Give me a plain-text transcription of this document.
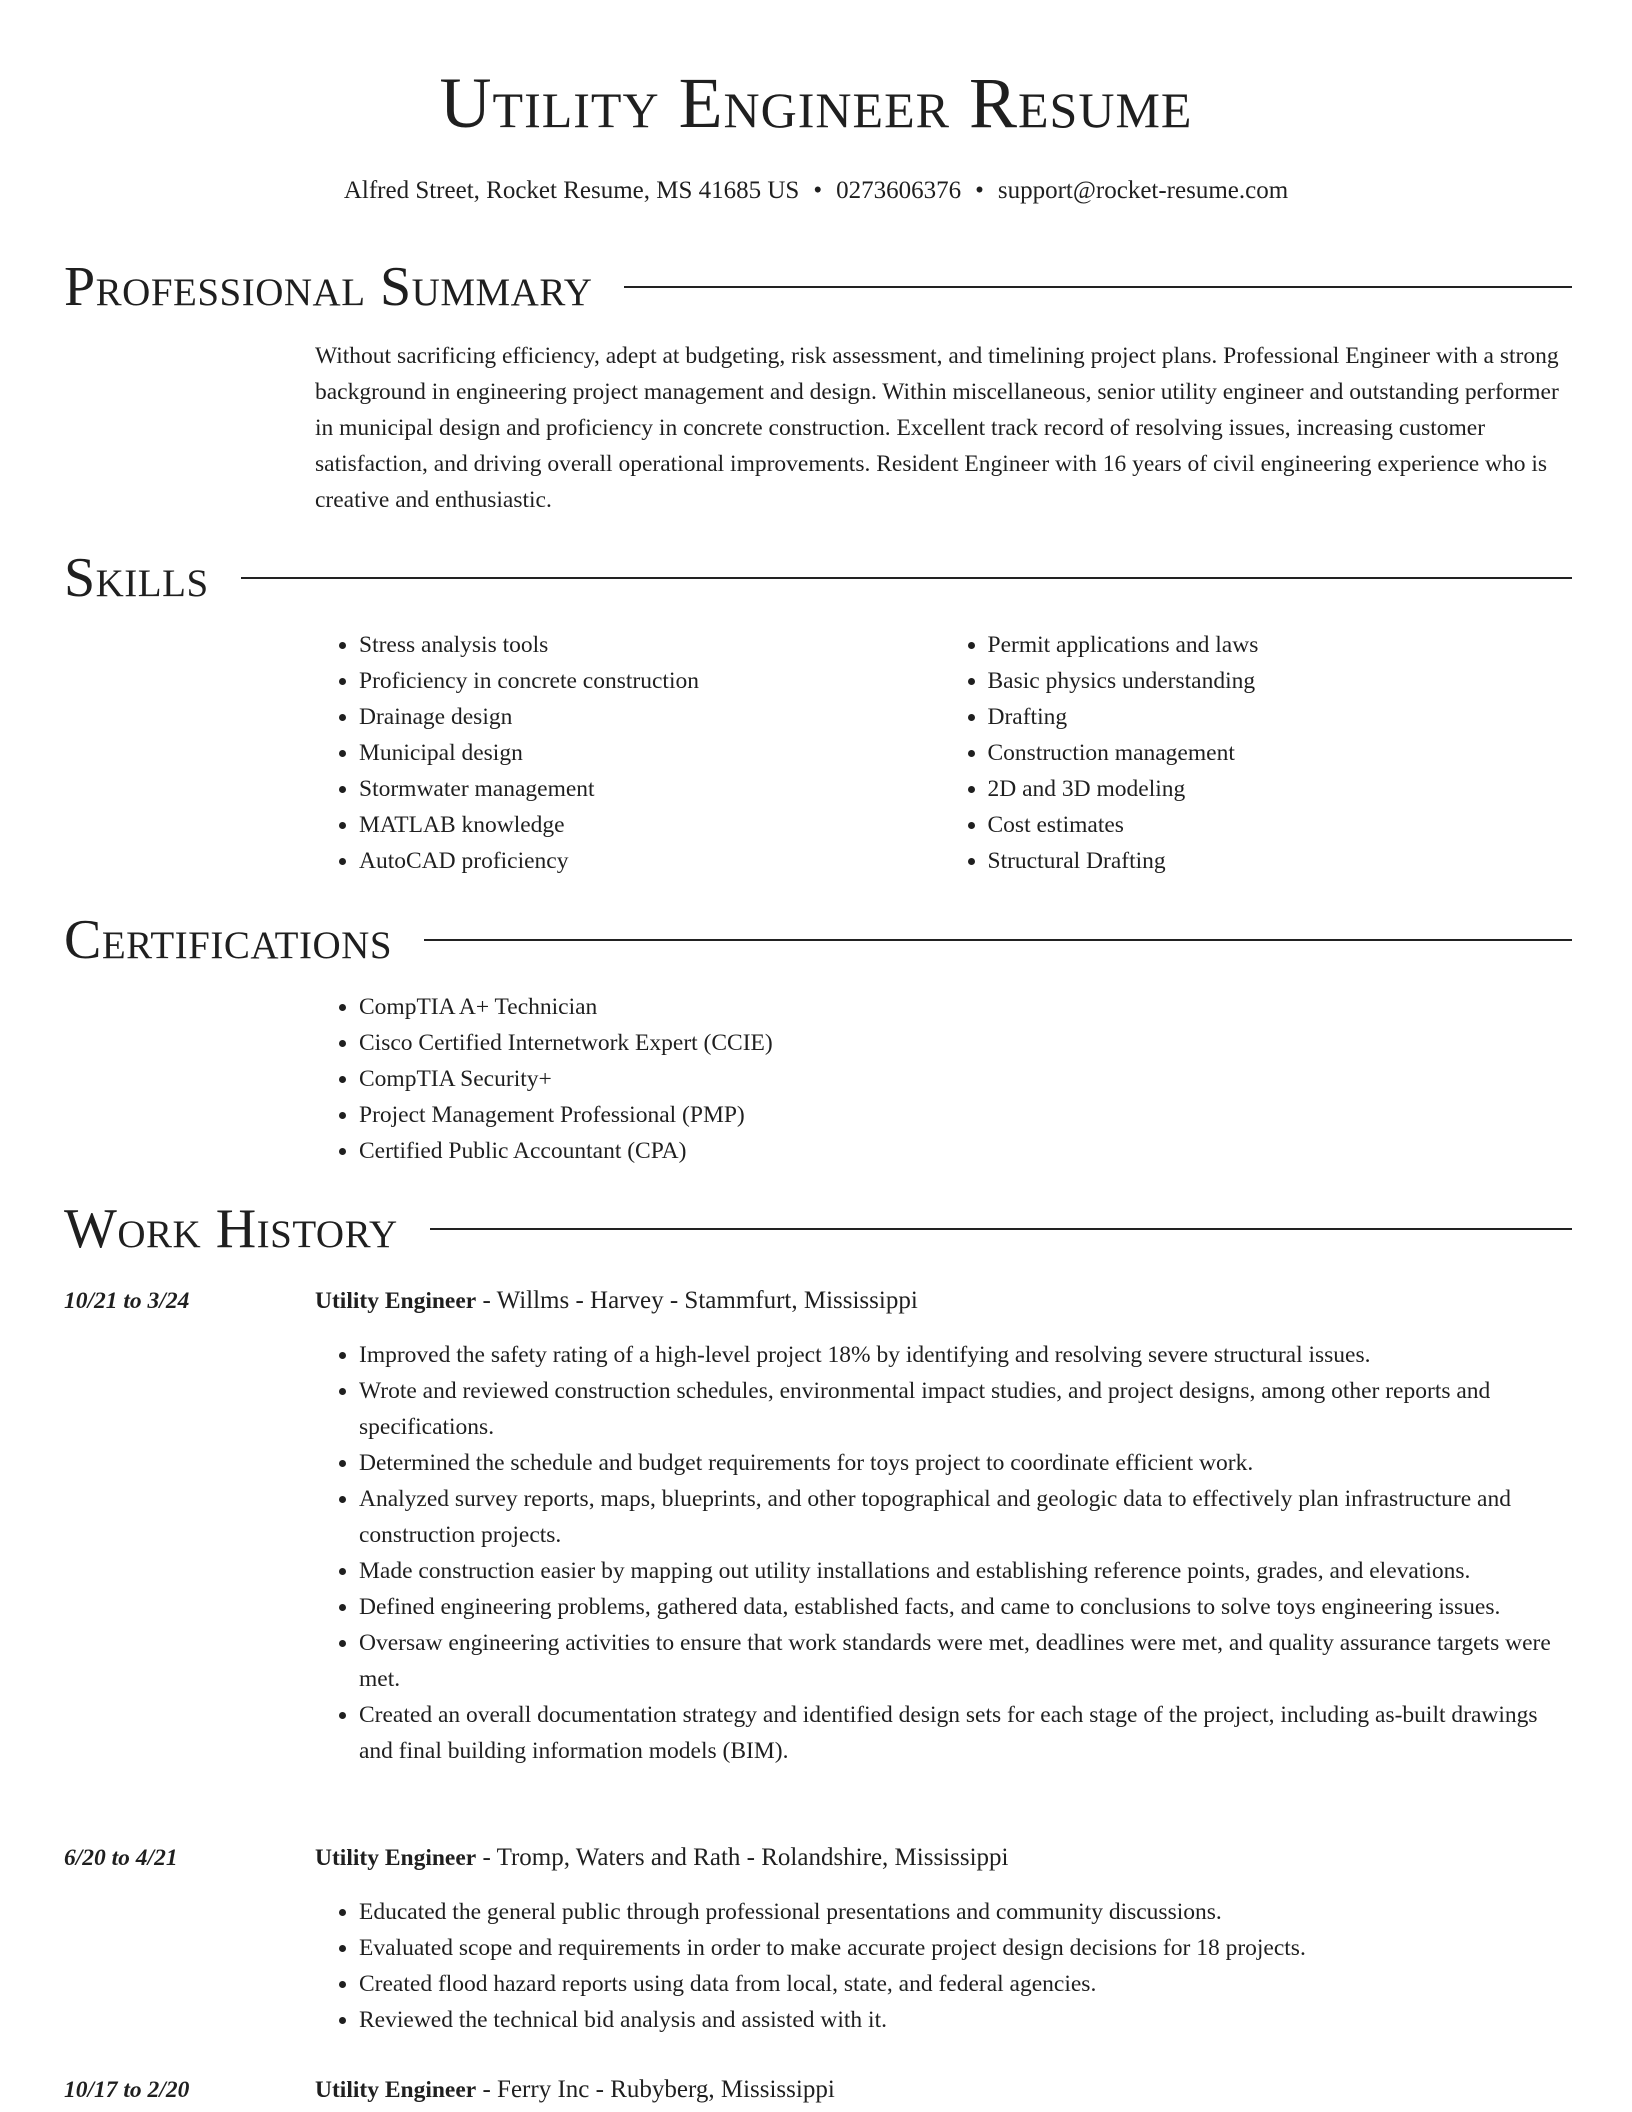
Utility Engineer Resume
Alfred Street, Rocket Resume, MS 41685 US • 0273606376 • support@rocket-resume.com
Professional Summary

Without sacrificing efficiency, adept at budgeting, risk assessment, and timelining project plans. Professional Engineer with a strong background in engineering project management and design. Within miscellaneous, senior utility engineer and outstanding performer in municipal design and proficiency in concrete construction. Excellent track record of resolving issues, increasing customer satisfaction, and driving overall operational improvements. Resident Engineer with 16 years of civil engineering experience who is creative and enthusiastic.

Skills
• Stress analysis tools
• Proficiency in concrete construction
• Drainage design
• Municipal design
• Stormwater management
• MATLAB knowledge
• AutoCAD proficiency
• Permit applications and laws
• Basic physics understanding
• Drafting
• Construction management
• 2D and 3D modeling
• Cost estimates
• Structural Drafting
Certifications
• CompTIA A+ Technician
• Cisco Certified Internetwork Expert (CCIE)
• CompTIA Security+
• Project Management Professional (PMP)
• Certified Public Accountant (CPA)
Work History
10/21 to 3/24	Utility Engineer - Willms - Harvey - Stammfurt, Mississippi
• Improved the safety rating of a high-level project 18% by identifying and resolving severe structural issues.
• Wrote and reviewed construction schedules, environmental impact studies, and project designs, among other reports and specifications.
• Determined the schedule and budget requirements for toys project to coordinate efficient work.
• Analyzed survey reports, maps, blueprints, and other topographical and geologic data to effectively plan infrastructure and construction projects.
• Made construction easier by mapping out utility installations and establishing reference points, grades, and elevations.
• Defined engineering problems, gathered data, established facts, and came to conclusions to solve toys engineering issues.
• Oversaw engineering activities to ensure that work standards were met, deadlines were met, and quality assurance targets were met.
• Created an overall documentation strategy and identified design sets for each stage of the project, including as-built drawings and final building information models (BIM).
6/20 to 4/21	Utility Engineer - Tromp, Waters and Rath - Rolandshire, Mississippi
• Educated the general public through professional presentations and community discussions.
• Evaluated scope and requirements in order to make accurate project design decisions for 18 projects.
• Created flood hazard reports using data from local, state, and federal agencies.
• Reviewed the technical bid analysis and assisted with it.
10/17 to 2/20	Utility Engineer - Ferry Inc - Rubyberg, Mississippi
